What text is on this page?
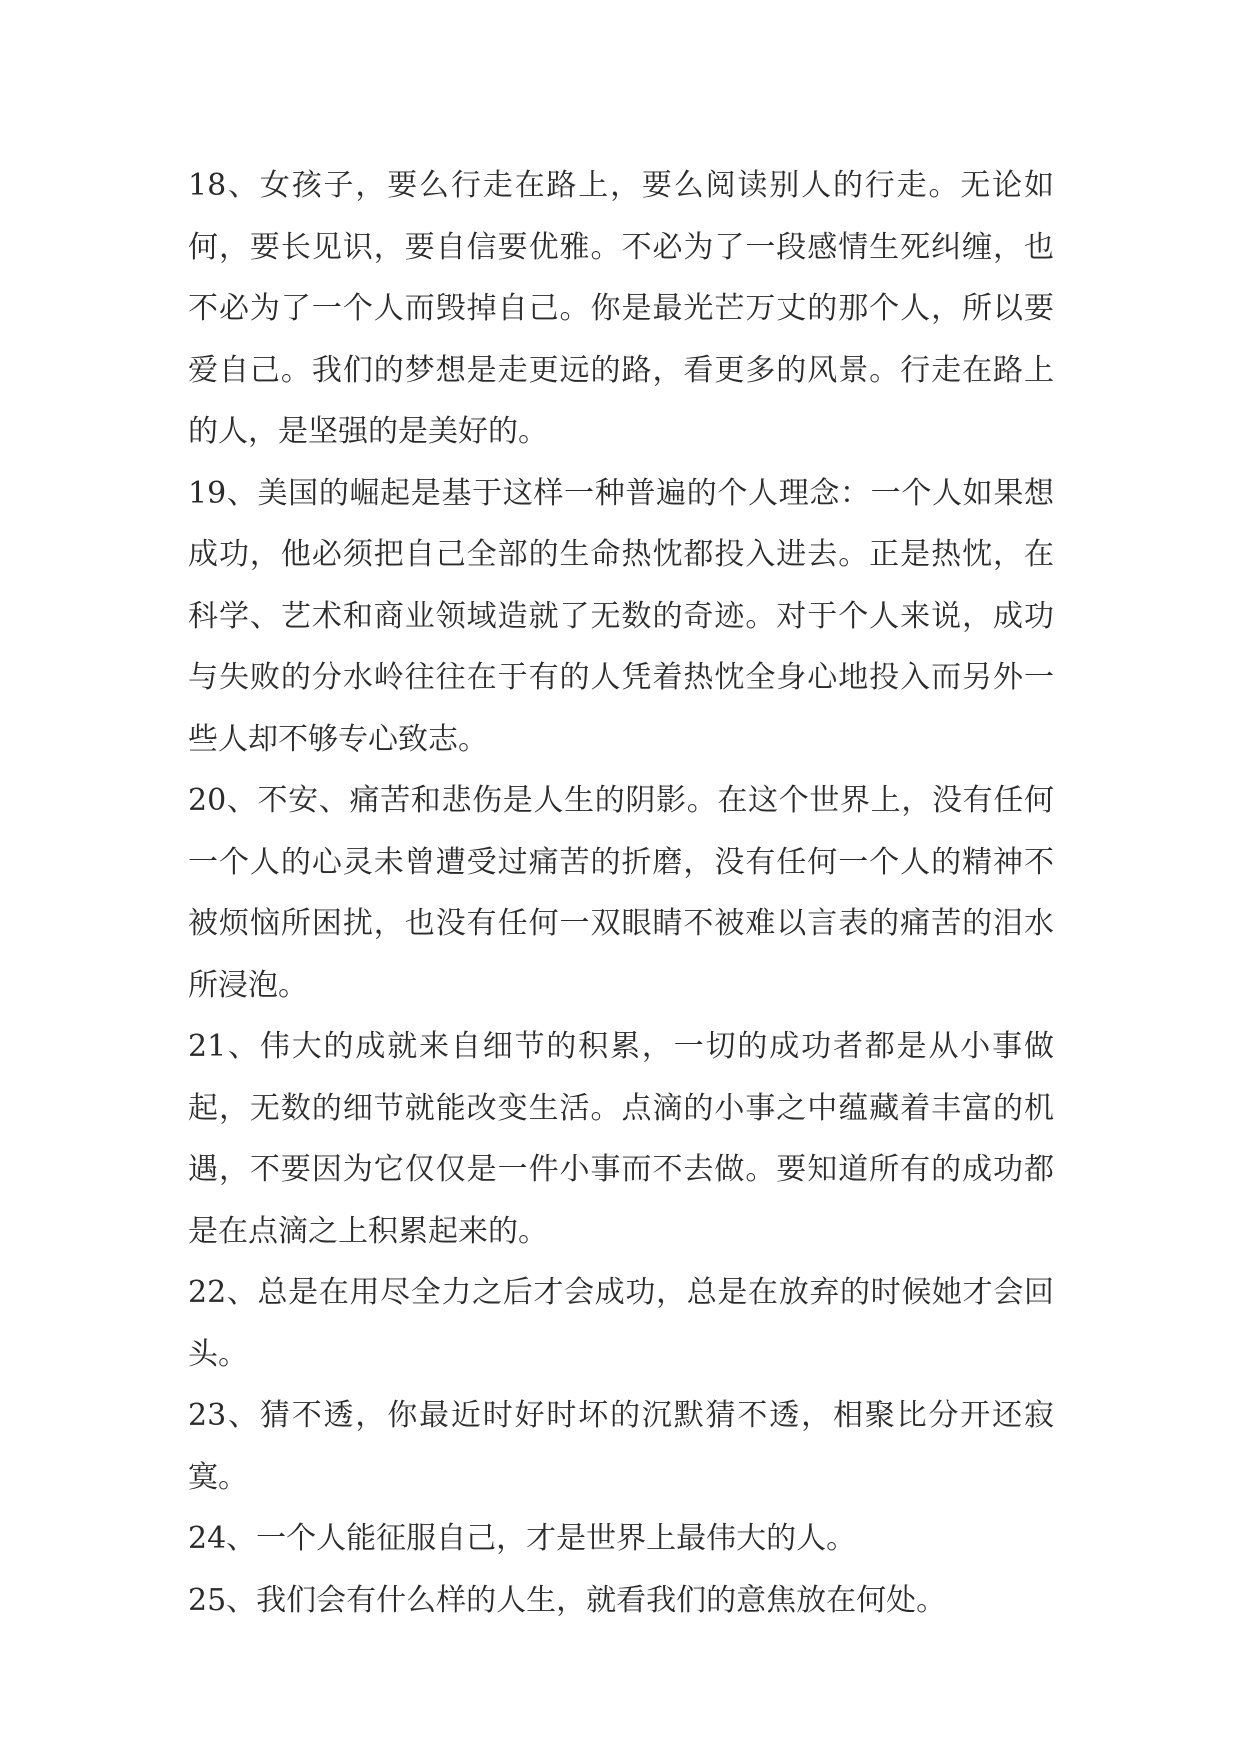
18、女孩子，要么行走在路上，要么阅读别人的行走。无论如何，要长见识，要自信要优雅。不必为了一段感情生死纠缠，也不必为了一个人而毁掉自己。你是最光芒万丈的那个人，所以要爱自己。我们的梦想是走更远的路，看更多的风景。行走在路上的人，是坚强的是美好的。

19、美国的崛起是基于这样一种普遍的个人理念：一个人如果想成功，他必须把自己全部的生命热忱都投入进去。正是热忱，在科学、艺术和商业领域造就了无数的奇迹。对于个人来说，成功与失败的分水岭往往在于有的人凭着热忱全身心地投入而另外一些人却不够专心致志。

20、不安、痛苦和悲伤是人生的阴影。在这个世界上，没有任何一个人的心灵未曾遭受过痛苦的折磨，没有任何一个人的精神不被烦恼所困扰，也没有任何一双眼睛不被难以言表的痛苦的泪水所浸泡。

21、伟大的成就来自细节的积累，一切的成功者都是从小事做起，无数的细节就能改变生活。点滴的小事之中蕴藏着丰富的机遇，不要因为它仅仅是一件小事而不去做。要知道所有的成功都是在点滴之上积累起来的。

22、总是在用尽全力之后才会成功，总是在放弃的时候她才会回头。

23、猜不透，你最近时好时坏的沉默猜不透，相聚比分开还寂寞。

24、一个人能征服自己，才是世界上最伟大的人。

25、我们会有什么样的人生，就看我们的意焦放在何处。
